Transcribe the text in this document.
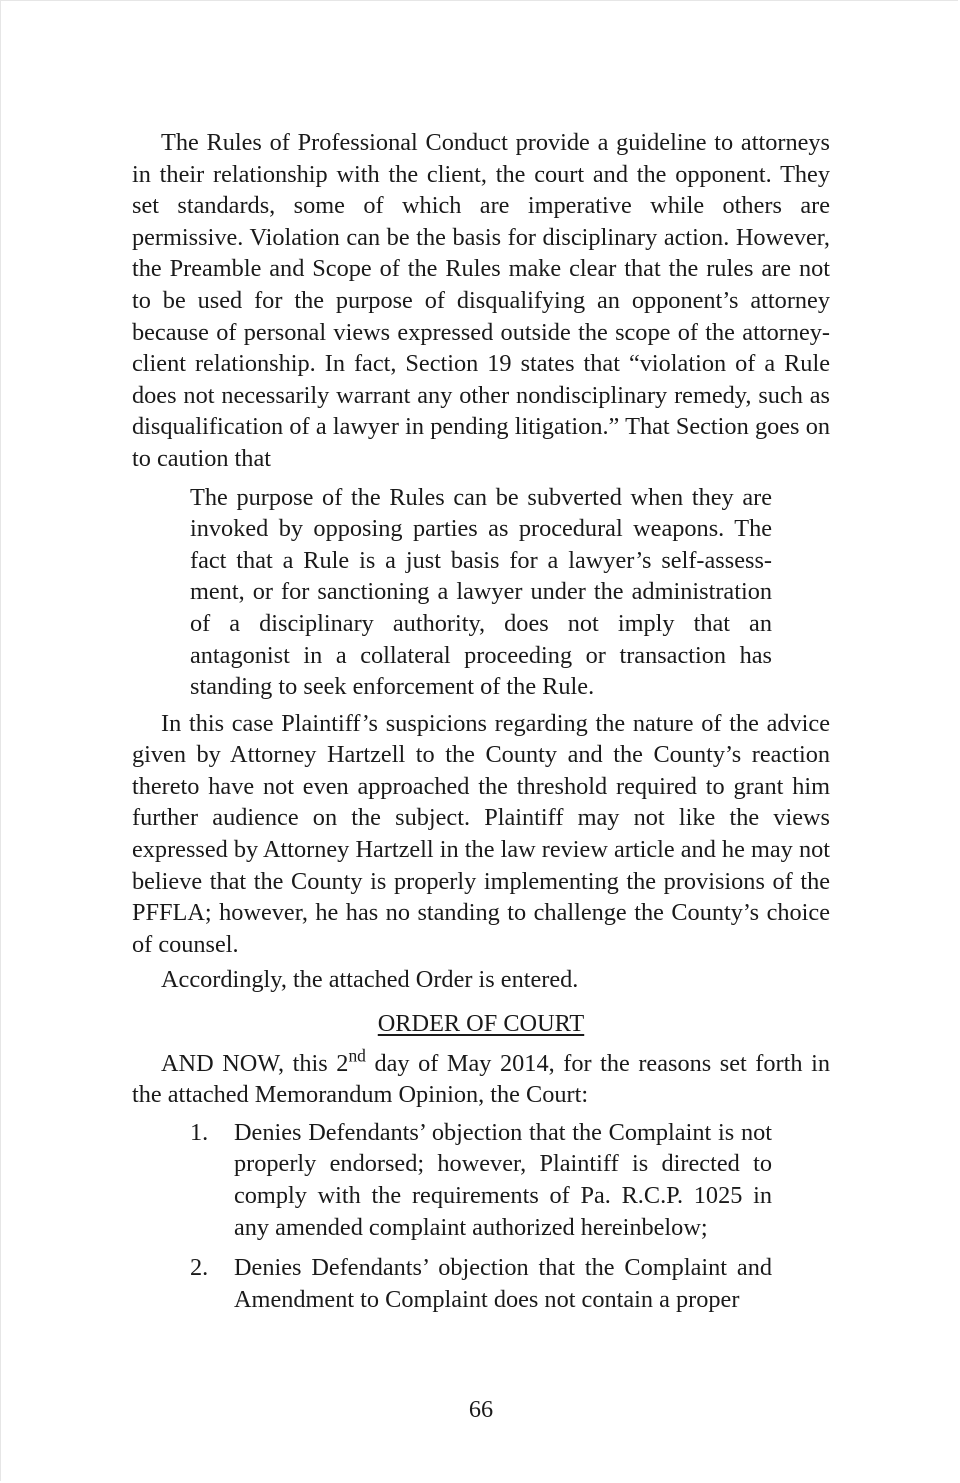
The Rules of Professional Conduct provide a guideline to attorneys in their relationship with the client, the court and the opponent. They set standards, some of which are imperative while others are permissive. Violation can be the basis for disciplinary action. However, the Preamble and Scope of the Rules make clear that the rules are not to be used for the purpose of disqualifying an opponent’s attorney because of personal views expressed outside the scope of the attorney-client relationship. In fact, Section 19 states that “violation of a Rule does not necessarily warrant any other nondisciplinary remedy, such as disqualification of a lawyer in pending litigation.” That Section goes on to caution that

The purpose of the Rules can be subverted when they are invoked by opposing parties as procedural weapons. The fact that a Rule is a just basis for a lawyer’s self-assessment, or for sanctioning a lawyer under the administration of a disciplinary authority, does not imply that an antagonist in a collateral proceeding or transaction has standing to seek enforcement of the Rule.

In this case Plaintiff’s suspicions regarding the nature of the advice given by Attorney Hartzell to the County and the County’s reaction thereto have not even approached the threshold required to grant him further audience on the subject. Plaintiff may not like the views expressed by Attorney Hartzell in the law review article and he may not believe that the County is properly implementing the provisions of the PFFLA; however, he has no standing to challenge the County’s choice of counsel.

Accordingly, the attached Order is entered.

ORDER OF COURT

AND NOW, this 2nd day of May 2014, for the reasons set forth in the attached Memorandum Opinion, the Court:

1.	Denies Defendants’ objection that the Complaint is not properly endorsed; however, Plaintiff is directed to comply with the requirements of Pa. R.C.P. 1025 in any amended complaint authorized hereinbelow;
2.	Denies Defendants’ objection that the Complaint and Amendment to Complaint does not contain a proper
66
